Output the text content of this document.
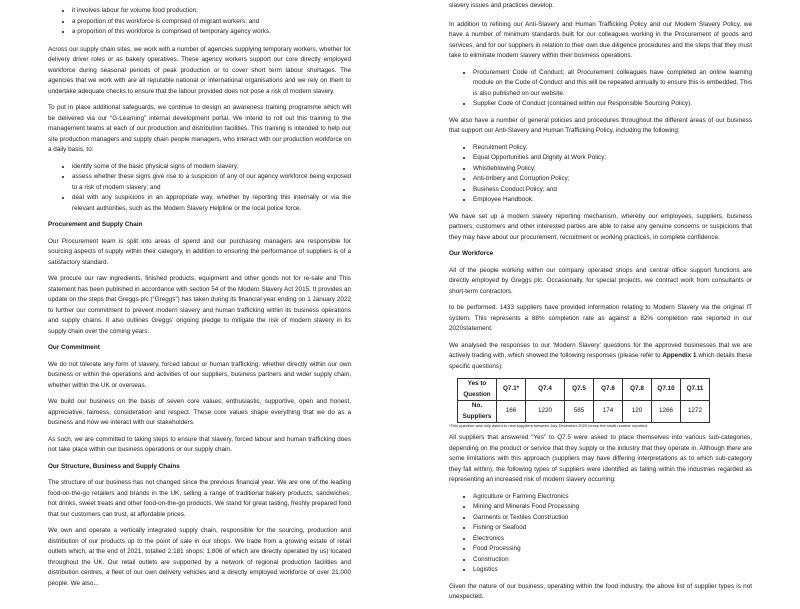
• it involves labour for volume food production;
• a proportion of this workforce is comprised of migrant workers; and
• a proportion of this workforce is comprised of temporary agency works.

Across our supply chain sites, we work with a number of agencies supplying temporary workers, whether for delivery driver roles or as bakery operatives. These agency workers support our core directly employed workforce during seasonal periods of peak production or to cover short term labour shortages. The agencies that we work with are all reputable national or international organisations and we rely on them to undertake adequate checks to ensure that the labour provided does not pose a risk of modern slavery.

To put in place additional safeguards, we continue to design an awareness training programme which will be delivered via our “G-Learning” internal development portal. We intend to roll out this training to the management teams at each of our production and distribution facilities. This training is intended to help our site production managers and supply chain people managers, who interact with our production workforce on a daily basis, to:

• identify some of the basic physical signs of modern slavery;
• assess whether these signs give rise to a suspicion of any of our agency workforce being exposed to a risk of modern slavery; and
• deal with any suspicions in an appropriate way, whether by reporting this internally or via the relevant authorities, such as the Modern Slavery Helpline or the local police force.
Procurement and Supply Chain

Our Procurement team is split into areas of spend and our purchasing managers are responsible for sourcing aspects of supply within their category, in addition to ensuring the performance of suppliers is of a satisfactory standard.

We procure our raw ingredients, finished products, equipment and other goods not for re-sale and This statement has been published in accordance with section 54 of the Modern Slavery Act 2015. It provides an update on the steps that Greggs plc (“Greggs”) has taken during its financial year ending on 1 January 2022 to further our commitment to prevent modern slavery and human trafficking within its business operations and supply chains. It also outlines Greggs’ ongoing pledge to mitigate the risk of modern slavery in its supply chain over the coming years.

Our Commitment

We do not tolerate any form of slavery, forced labour or human trafficking; whether directly within our own business or within the operations and activities of our suppliers, business partners and wider supply chain, whether within the UK or overseas.

We build our business on the basis of seven core values; enthusiastic, supportive, open and honest, appreciative, fairness, consideration and respect. These core values shape everything that we do as a business and how we interact with our stakeholders.

As such, we are committed to taking steps to ensure that slavery, forced labour and human trafficking does not take place within our business operations or our supply chain.

Our Structure, Business and Supply Chains

The structure of our business has not changed since the previous financial year. We are one of the leading food-on-the-go retailers and brands in the UK, selling a range of traditional bakery products, sandwiches, hot drinks, sweet treats and other food-on-the-go products. We stand for great tasting, freshly prepared food that our customers can trust, at affordable prices.

We own and operate a vertically integrated supply chain, responsible for the sourcing, production and distribution of our products up to the point of sale in our shops. We trade from a growing estate of retail outlets which, at the end of 2021, totalled 2,181 shops; 1,806 of which are directly operated by us) located throughout the UK. Our retail outlets are supported by a network of regional production facilities and distribution centres, a fleet of our own delivery vehicles and a directly employed workforce of over 21,000 people. We also...

slavery issues and practices develop.

In addition to refining our Anti-Slavery and Human Trafficking Policy and our Modern Slavery Policy, we have a number of minimum standards built for our colleagues working in the Procurement of goods and services, and for our suppliers in relation to their own due diligence procedures and the steps that they must take to eliminate modern slavery within their business operations.

• Procurement Code of Conduct; all Procurement colleagues have completed an online learning module on the Code of Conduct and this will be repeated annually to ensure this is embedded. This is also published on our website.
• Supplier Code of Conduct (contained within our Responsible Sourcing Policy).

We also have a number of general policies and procedures throughout the different areas of our business that support our Anti-Slavery and Human Trafficking Policy, including the following:

• Recruitment Policy;
• Equal Opportunities and Dignity at Work Policy;
• Whistleblowing Policy;
• Anti-bribery and Corruption Policy;
• Business Conduct Policy; and
• Employee Handbook.

We have set up a modern slavery reporting mechanism, whereby our employees, suppliers, business partners, customers and other interested parties are able to raise any genuine concerns or suspicions that they may have about our procurement, recruitment or working practices, in complete confidence.

Our Workforce

All of the people working within our company operated shops and central office support functions are directly employed by Greggs plc. Occasionally, for special projects, we contract work from consultants or short-term contractors.

to be performed. 1433 suppliers have provided information relating to Modern Slavery via the original IT system. This represents a 88% completion rate as against a 82% completion rate reported in our 2020statement.

We analysed the responses to our ‘Modern Slavery’ questions for the approved businesses that we are actively trading with, which showed the following responses (please refer to Appendix 1 which details these specific questions):

Yes to Question	Q7.1*	Q7.4	Q7.5	Q7.6	Q7.8	Q7.10	Q7.11
No. Suppliers	166	1220	585	174	120	1266	1272
*This question was only asked to new suppliers between July-December 2020 hence the small number reported.

All suppliers that answered “Yes” to Q7.5 were asked to place themselves into various sub-categories, depending on the product or service that they supply or the industry that they operate in. Although there are some limitations with this approach (suppliers may have differing interpretations as to which sub-category they fall within), the following types of suppliers were identified as falling within the industries regarded as representing an increased risk of modern slavery occurring:

• Agriculture or Farming Electronics
• Mining and Minerals Food Processing
• Garments or Textiles Construction
• Fishing or Seafood
• Electronics
• Food Processing
• Construction
• Logistics

Given the nature of our business, operating within the food industry, the above list of supplier types is not unexpected.
